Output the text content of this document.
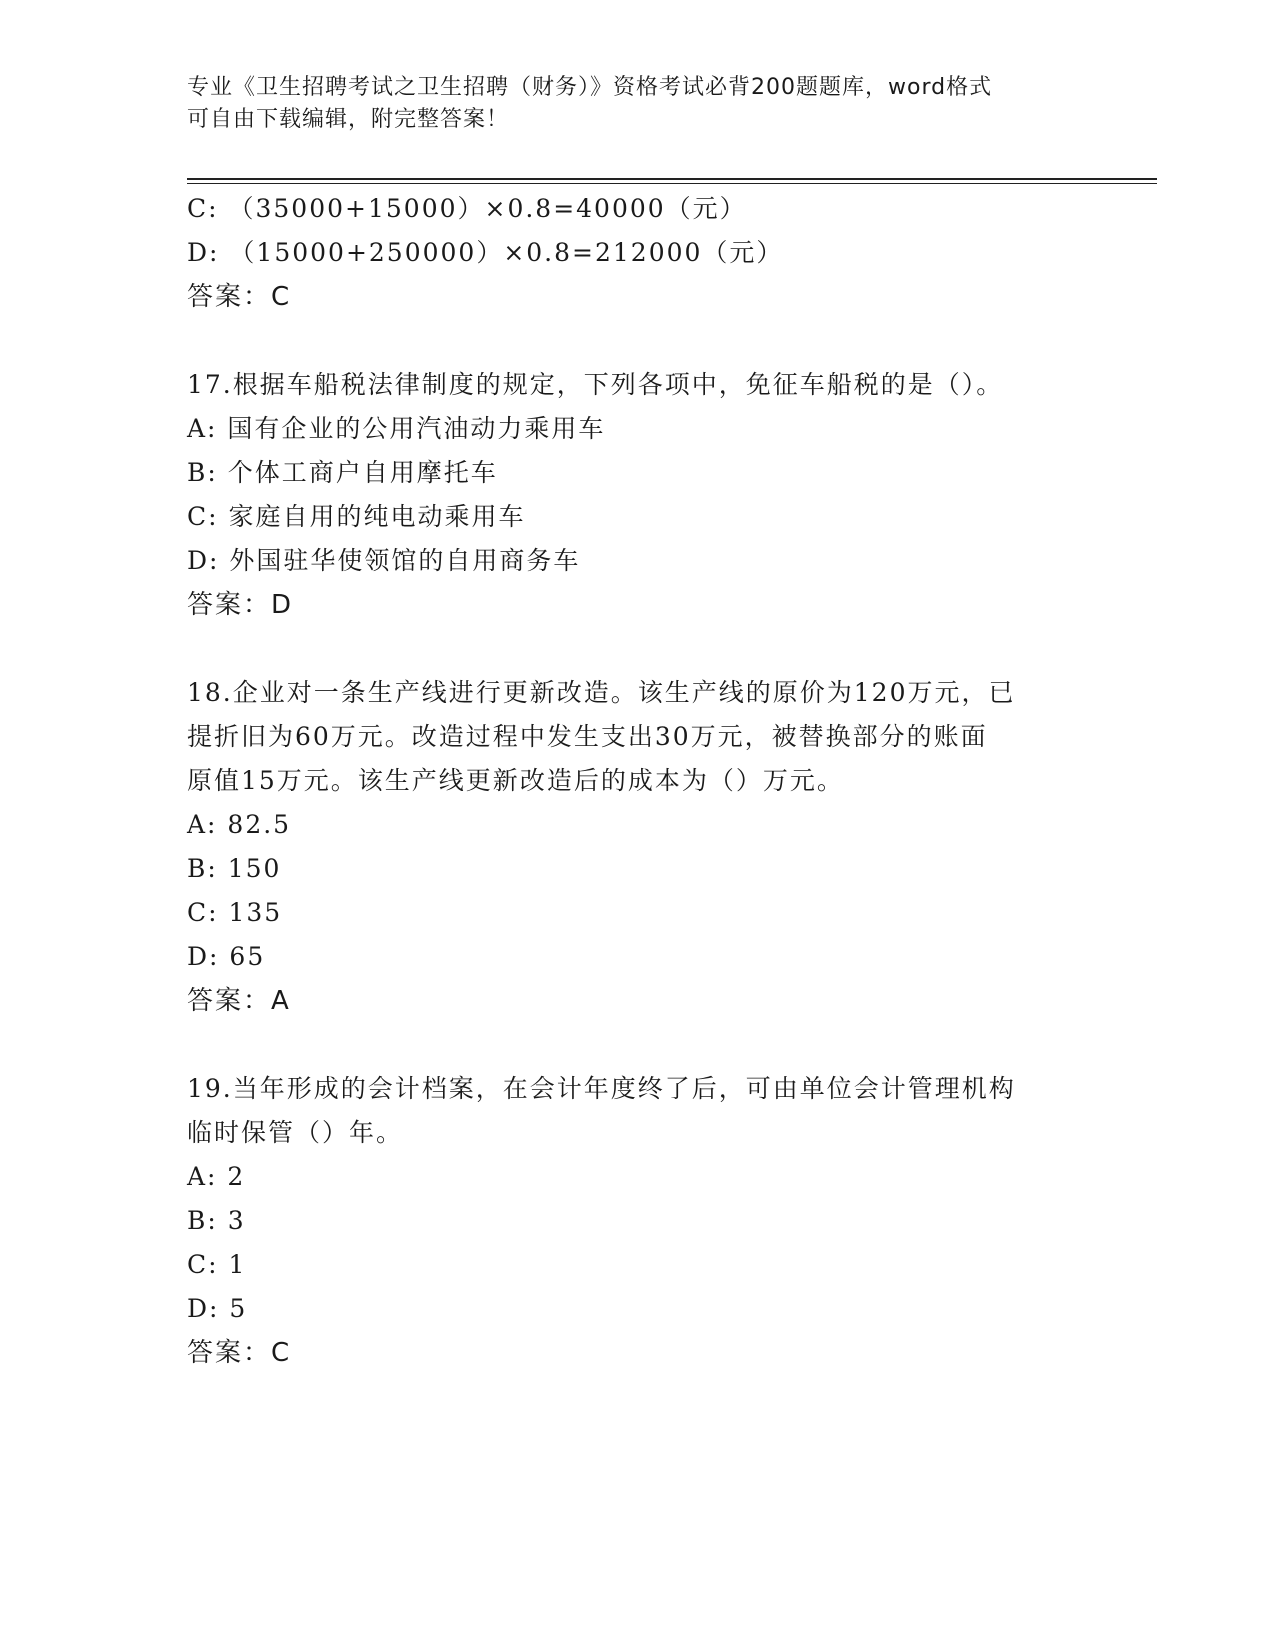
专业《卫生招聘考试之卫生招聘（财务）》资格考试必背200题题库，word格式
可自由下载编辑，附完整答案！
C: （35000+15000）×0.8=40000（元）
D: （15000+250000）×0.8=212000（元）
答案：C
17.根据车船税法律制度的规定，下列各项中，免征车船税的是（）。
A: 国有企业的公用汽油动力乘用车
B: 个体工商户自用摩托车
C: 家庭自用的纯电动乘用车
D: 外国驻华使领馆的自用商务车
答案：D
18.企业对一条生产线进行更新改造。该生产线的原价为120万元，已
提折旧为60万元。改造过程中发生支出30万元，被替换部分的账面
原值15万元。该生产线更新改造后的成本为（）万元。
A: 82.5
B: 150
C: 135
D: 65
答案：A
19.当年形成的会计档案，在会计年度终了后，可由单位会计管理机构
临时保管（）年。
A: 2
B: 3
C: 1
D: 5
答案：C
